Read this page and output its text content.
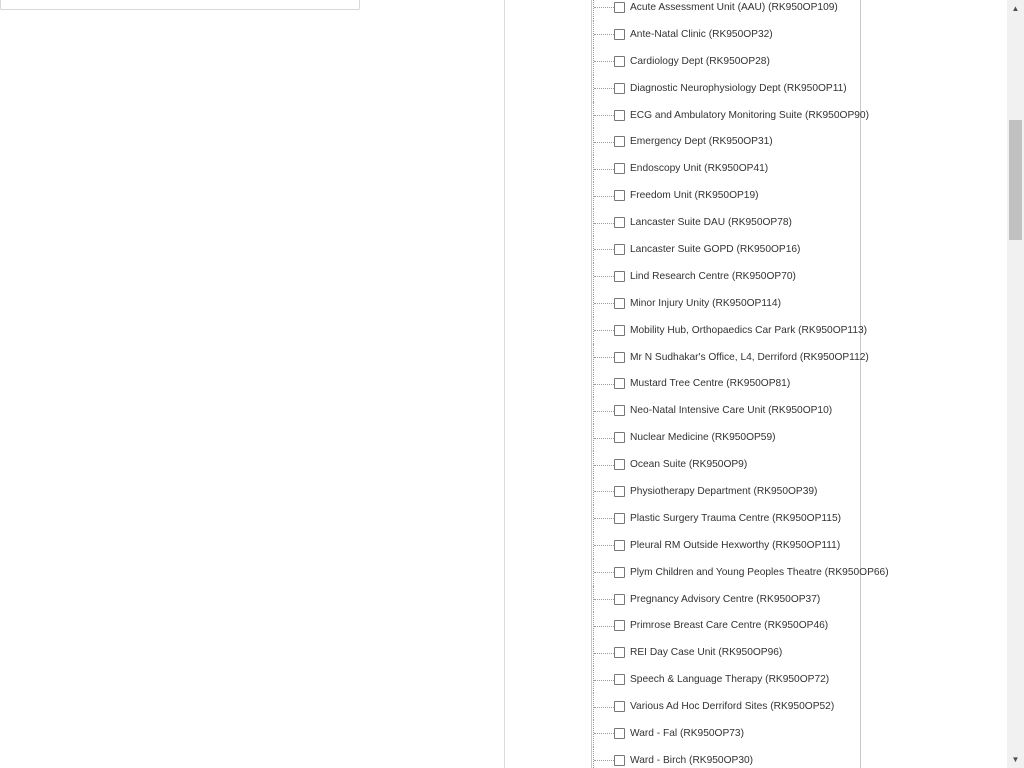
Acute Assessment Unit (AAU) (RK950OP109)
Ante-Natal Clinic (RK950OP32)
Cardiology Dept (RK950OP28)
Diagnostic Neurophysiology Dept (RK950OP11)
ECG and Ambulatory Monitoring Suite (RK950OP90)
Emergency Dept (RK950OP31)
Endoscopy Unit (RK950OP41)
Freedom Unit (RK950OP19)
Lancaster Suite DAU (RK950OP78)
Lancaster Suite GOPD (RK950OP16)
Lind Research Centre (RK950OP70)
Minor Injury Unity (RK950OP114)
Mobility Hub, Orthopaedics Car Park (RK950OP113)
Mr N Sudhakar's Office, L4, Derriford (RK950OP112)
Mustard Tree Centre (RK950OP81)
Neo-Natal Intensive Care Unit (RK950OP10)
Nuclear Medicine (RK950OP59)
Ocean Suite (RK950OP9)
Physiotherapy Department (RK950OP39)
Plastic Surgery Trauma Centre (RK950OP115)
Pleural RM Outside Hexworthy (RK950OP111)
Plym Children and Young Peoples Theatre (RK950OP66)
Pregnancy Advisory Centre (RK950OP37)
Primrose Breast Care Centre (RK950OP46)
REI Day Case Unit (RK950OP96)
Speech & Language Therapy (RK950OP72)
Various Ad Hoc Derriford Sites (RK950OP52)
Ward - Fal (RK950OP73)
Ward - Birch (RK950OP30)
▲
▼
